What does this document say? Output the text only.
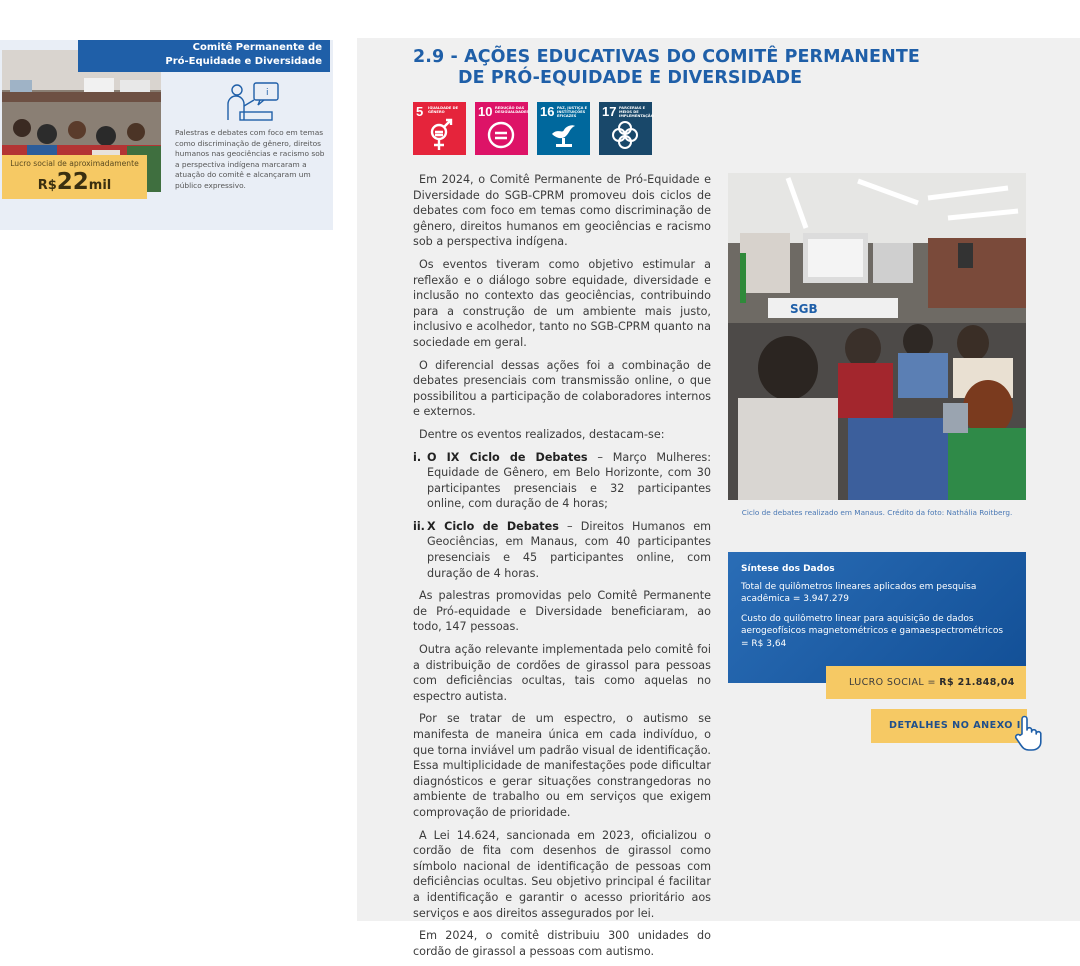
Comitê Permanente de
Pró-Equidade e Diversidade
i
Palestras e debates com foco em temas como discriminação de gênero, direitos humanos nas geociências e racismo sob a perspectiva indígena marcaram a atuação do comitê e alcançaram um público expressivo.
Lucro social de aproximadamente
R$22mil
2.9 - AÇÕES EDUCATIVAS DO COMITÊ PERMANENTE
DE PRÓ-EQUIDADE E DIVERSIDADE
5 IGUALDADE DE GÊNERO	10 REDUÇÃO DAS DESIGUALDADES 16 PAZ, JUSTIÇA E INSTITUIÇÕES EFICAZES	17 PARCERIAS E MEIOS DE IMPLEMENTAÇÃO

Em 2024, o Comitê Permanente de Pró-Equidade e Diversidade do SGB-CPRM promoveu dois ciclos de debates com foco em temas como discriminação de gênero, direitos humanos em geociências e racismo sob a perspectiva indígena.

Os eventos tiveram como objetivo estimular a reflexão e o diálogo sobre equidade, diversidade e inclusão no contexto das geociências, contribuindo para a construção de um ambiente mais justo, inclusivo e acolhedor, tanto no SGB-CPRM quanto na sociedade em geral.

O diferencial dessas ações foi a combinação de debates presenciais com transmissão online, o que possibilitou a participação de colaboradores internos e externos.

Dentre os eventos realizados, destacam-se:

i. O IX Ciclo de Debates – Março Mulheres: Equidade de Gênero, em Belo Horizonte, com 30 participantes presenciais e 32 participantes online, com duração de 4 horas;
ii. X Ciclo de Debates – Direitos Humanos em Geociências, em Manaus, com 40 participantes presenciais e 45 participantes online, com duração de 4 horas.

As palestras promovidas pelo Comitê Permanente de Pró-equidade e Diversidade beneficiaram, ao todo, 147 pessoas.

Outra ação relevante implementada pelo comitê foi a distribuição de cordões de girassol para pessoas com deficiências ocultas, tais como aquelas no espectro autista.

Por se tratar de um espectro, o autismo se manifesta de maneira única em cada indivíduo, o que torna inviável um padrão visual de identificação. Essa multiplicidade de manifestações pode dificultar diagnósticos e gerar situações constrangedoras no ambiente de trabalho ou em serviços que exigem comprovação de prioridade.

A Lei 14.624, sancionada em 2023, oficializou o cordão de fita com desenhos de girassol como símbolo nacional de identificação de pessoas com deficiências ocultas. Seu objetivo principal é facilitar a identificação e garantir o acesso prioritário aos serviços e aos direitos assegurados por lei.

Em 2024, o comitê distribuiu 300 unidades do cordão de girassol a pessoas com autismo.

SGB
Ciclo de debates realizado em Manaus. Crédito da foto: Nathália Roitberg.
Síntese dos Dados

Total de quilômetros lineares aplicados em pesquisa acadêmica = 3.947.279

Custo do quilômetro linear para aquisição de dados aerogeofísicos magnetométricos e gamaespectrométricos = R$ 3,64

LUCRO SOCIAL = R$ 21.848,04
DETALHES NO ANEXO I
